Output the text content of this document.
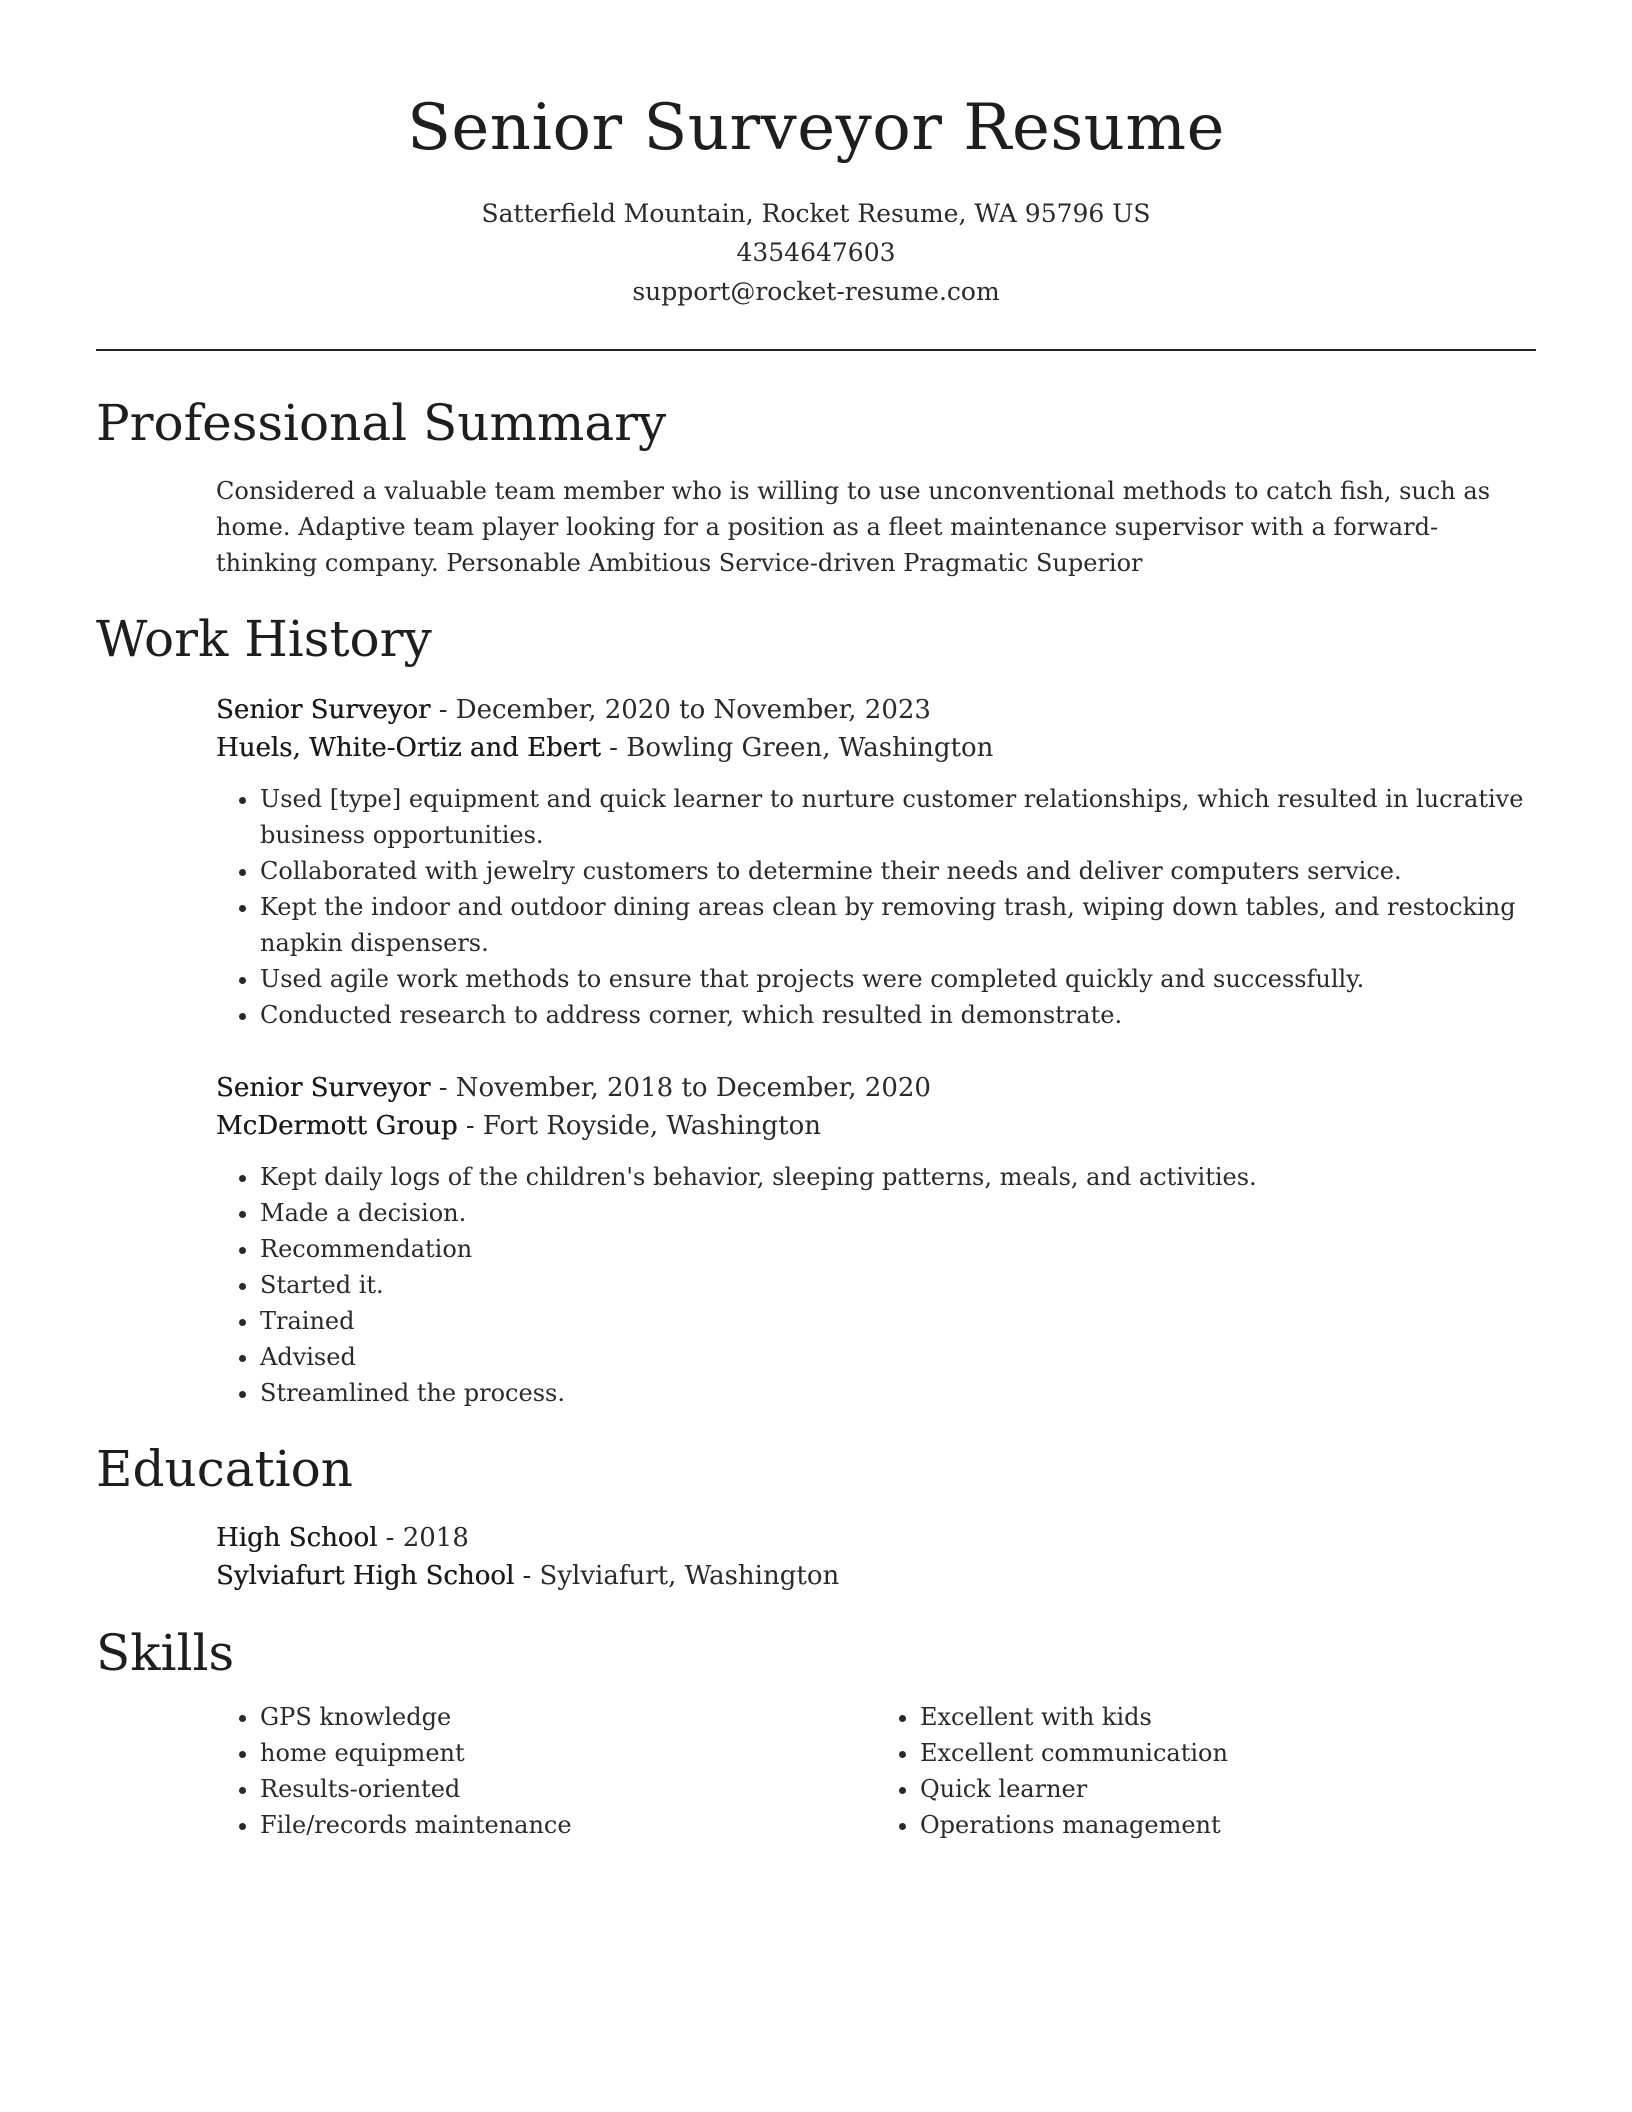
Senior Surveyor Resume
Satterfield Mountain, Rocket Resume, WA 95796 US
4354647603
support@rocket-resume.com
Professional Summary
Considered a valuable team member who is willing to use unconventional methods to catch fish, such as home. Adaptive team player looking for a position as a fleet maintenance supervisor with a forward-thinking company. Personable Ambitious Service-driven Pragmatic Superior
Work History
Senior Surveyor - December, 2020 to November, 2023
Huels, White-Ortiz and Ebert - Bowling Green, Washington
• Used [type] equipment and quick learner to nurture customer relationships, which resulted in lucrative business opportunities.
• Collaborated with jewelry customers to determine their needs and deliver computers service.
• Kept the indoor and outdoor dining areas clean by removing trash, wiping down tables, and restocking napkin dispensers.
• Used agile work methods to ensure that projects were completed quickly and successfully.
• Conducted research to address corner, which resulted in demonstrate.
Senior Surveyor - November, 2018 to December, 2020
McDermott Group - Fort Royside, Washington
• Kept daily logs of the children's behavior, sleeping patterns, meals, and activities.
• Made a decision.
• Recommendation
• Started it.
• Trained
• Advised
• Streamlined the process.
Education
High School - 2018
Sylviafurt High School - Sylviafurt, Washington
Skills
• GPS knowledge
• home equipment
• Results-oriented
• File/records maintenance
• Excellent with kids
• Excellent communication
• Quick learner
• Operations management
